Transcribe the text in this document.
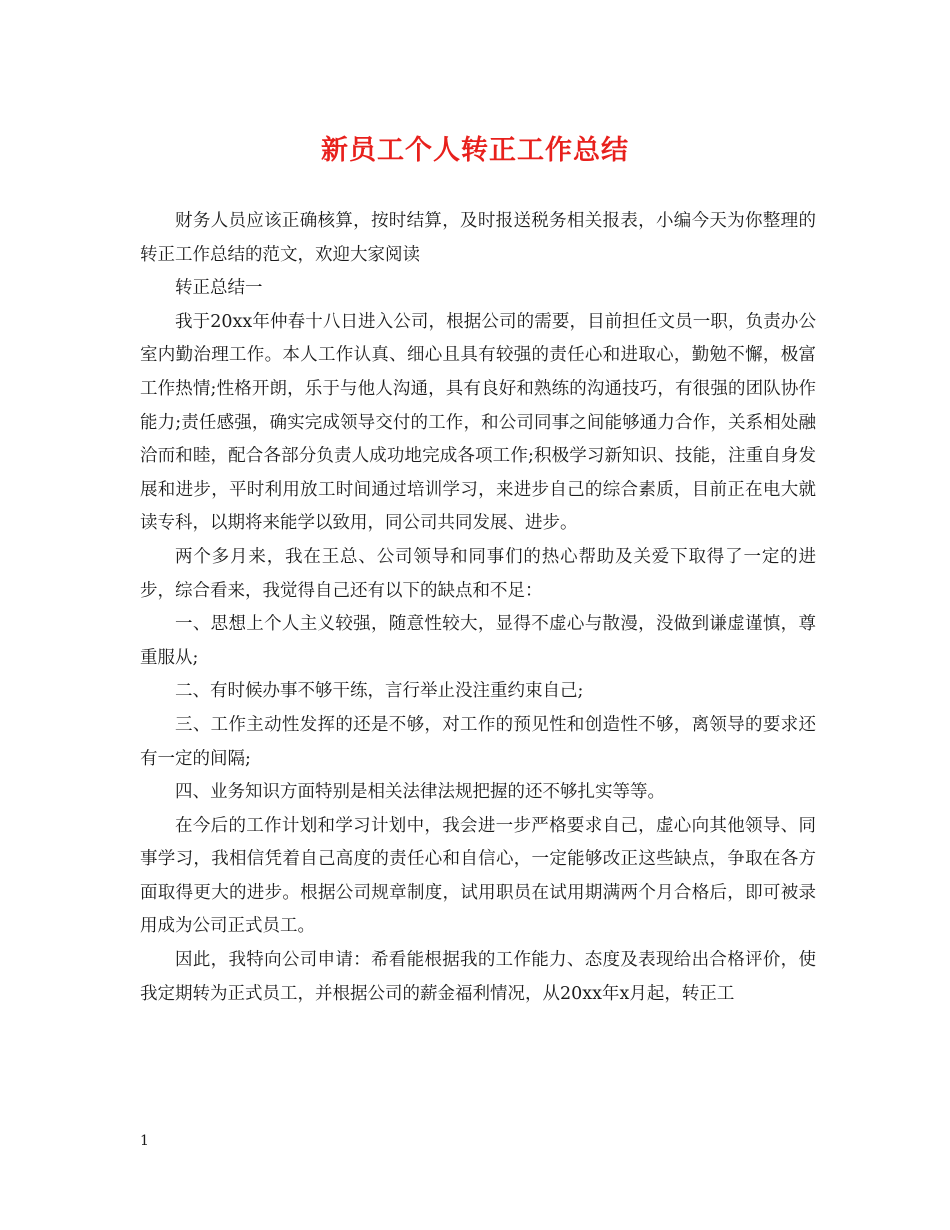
新员工个人转正工作总结

财务人员应该正确核算，按时结算，及时报送税务相关报表，小编今天为你整理的转正工作总结的范文，欢迎大家阅读

转正总结一

我于20xx年仲春十八日进入公司，根据公司的需要，目前担任文员一职，负责办公室内勤治理工作。本人工作认真、细心且具有较强的责任心和进取心，勤勉不懈，极富工作热情;性格开朗，乐于与他人沟通，具有良好和熟练的沟通技巧，有很强的团队协作能力;责任感强，确实完成领导交付的工作，和公司同事之间能够通力合作，关系相处融洽而和睦，配合各部分负责人成功地完成各项工作;积极学习新知识、技能，注重自身发展和进步，平时利用放工时间通过培训学习，来进步自己的综合素质，目前正在电大就读专科，以期将来能学以致用，同公司共同发展、进步。

两个多月来，我在王总、公司领导和同事们的热心帮助及关爱下取得了一定的进步，综合看来，我觉得自己还有以下的缺点和不足：

一、思想上个人主义较强，随意性较大，显得不虚心与散漫，没做到谦虚谨慎，尊重服从;

二、有时候办事不够干练，言行举止没注重约束自己;

三、工作主动性发挥的还是不够，对工作的预见性和创造性不够，离领导的要求还有一定的间隔;

四、业务知识方面特别是相关法律法规把握的还不够扎实等等。

在今后的工作计划和学习计划中，我会进一步严格要求自己，虚心向其他领导、同事学习，我相信凭着自己高度的责任心和自信心，一定能够改正这些缺点，争取在各方面取得更大的进步。根据公司规章制度，试用职员在试用期满两个月合格后，即可被录用成为公司正式员工。

因此，我特向公司申请：希看能根据我的工作能力、态度及表现给出合格评价，使我定期转为正式员工，并根据公司的薪金福利情况，从20xx年x月起，转正工

1
